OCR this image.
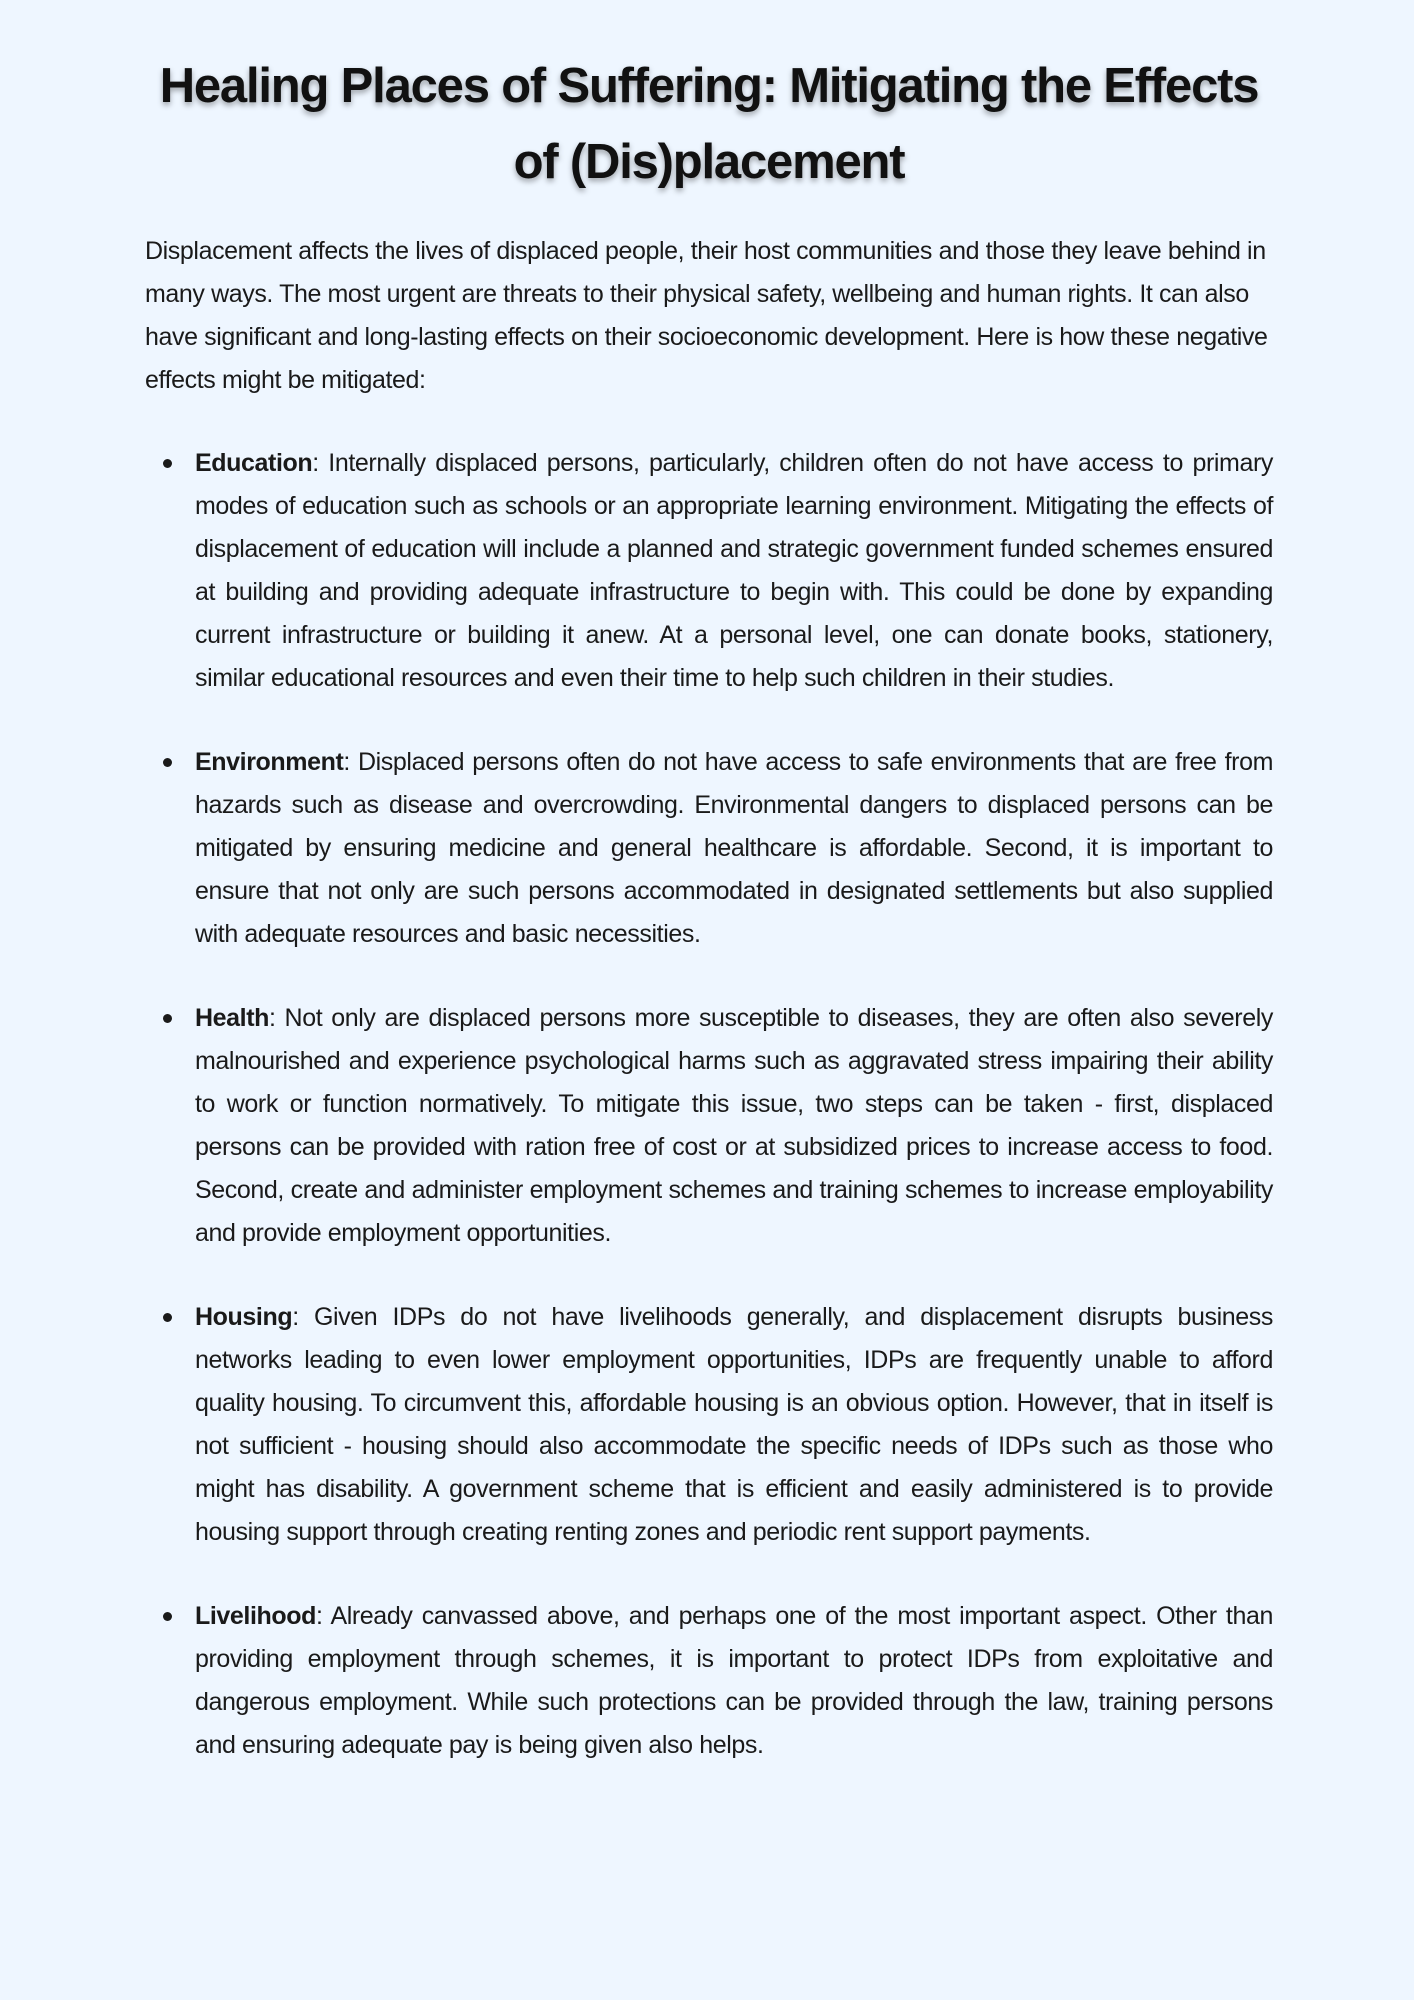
Healing Places of Suffering: Mitigating the Effects of (Dis)placement

Displacement affects the lives of displaced people, their host communities and those they leave behind in many ways. The most urgent are threats to their physical safety, wellbeing and human rights. It can also have significant and long-lasting effects on their socioeconomic development. Here is how these negative effects might be mitigated:

Education: Internally displaced persons, particularly, children often do not have access to primary modes of education such as schools or an appropriate learning environment. Mitigating the effects of displacement of education will include a planned and strategic government funded schemes ensured at building and providing adequate infrastructure to begin with. This could be done by expanding current infrastructure or building it anew. At a personal level, one can donate books, stationery, similar educational resources and even their time to help such children in their studies.
Environment: Displaced persons often do not have access to safe environments that are free from hazards such as disease and overcrowding. Environmental dangers to displaced persons can be mitigated by ensuring medicine and general healthcare is affordable. Second, it is important to ensure that not only are such persons accommodated in designated settlements but also supplied with adequate resources and basic necessities.
Health: Not only are displaced persons more susceptible to diseases, they are often also severely malnourished and experience psychological harms such as aggravated stress impairing their ability to work or function normatively. To mitigate this issue, two steps can be taken - first, displaced persons can be provided with ration free of cost or at subsidized prices to increase access to food. Second, create and administer employment schemes and training schemes to increase employability and provide employment opportunities.
Housing: Given IDPs do not have livelihoods generally, and displacement disrupts business networks leading to even lower employment opportunities, IDPs are frequently unable to afford quality housing. To circumvent this, affordable housing is an obvious option. However, that in itself is not sufficient - housing should also accommodate the specific needs of IDPs such as those who might has disability. A government scheme that is efficient and easily administered is to provide housing support through creating renting zones and periodic rent support payments.
Livelihood: Already canvassed above, and perhaps one of the most important aspect. Other than providing employment through schemes, it is important to protect IDPs from exploitative and dangerous employment. While such protections can be provided through the law, training persons and ensuring adequate pay is being given also helps.
